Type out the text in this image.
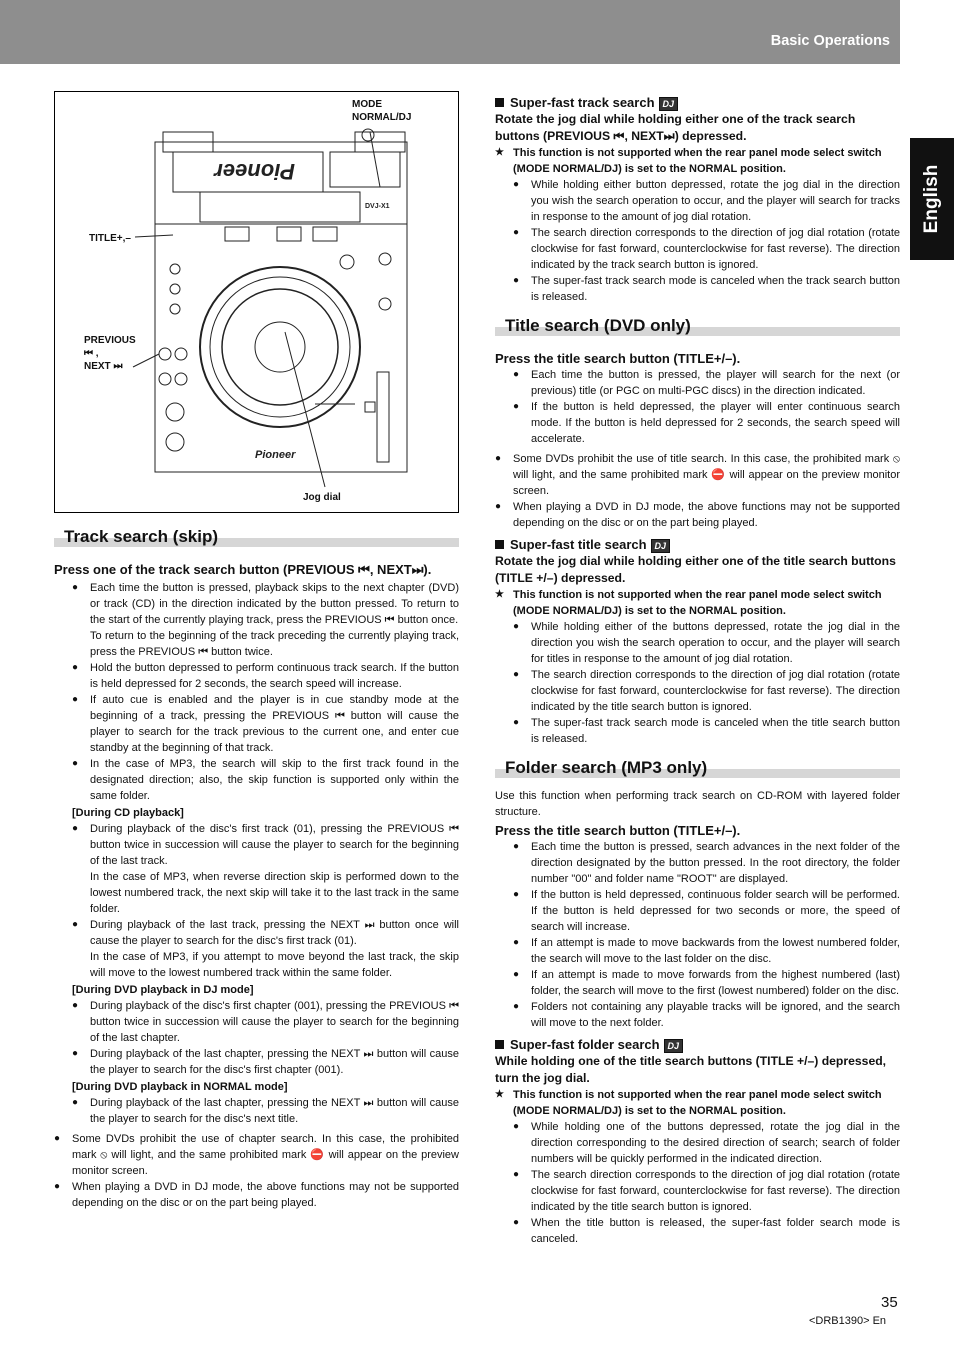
Basic Operations
English
Pioneer
Pioneer
DVJ-X1
MODE NORMAL/DJ
TITLE+,–
PREVIOUS ⏮ ,
NEXT ⏭
Jog dial
Track search (skip)
Press one of the track search button (PREVIOUS ⏮, NEXT⏭).
● Each time the button is pressed, playback skips to the next chapter (DVD) or track (CD) in the direction indicated by the button pressed. To return to the start of the currently playing track, press the PREVIOUS ⏮ button once.
To return to the beginning of the track preceding the currently playing track, press the PREVIOUS ⏮ button twice.
● Hold the button depressed to perform continuous track search. If the button is held depressed for 2 seconds, the search speed will increase.
● If auto cue is enabled and the player is in cue standby mode at the beginning of a track, pressing the PREVIOUS ⏮ button will cause the player to search for the track previous to the current one, and enter cue standby at the beginning of that track.
● In the case of MP3, the search will skip to the first track found in the designated direction; also, the skip function is supported only within the same folder.
[During CD playback]
● During playback of the disc's first track (01), pressing the PREVIOUS ⏮ button twice in succession will cause the player to search for the beginning of the last track.
In the case of MP3, when reverse direction skip is performed down to the lowest numbered track, the next skip will take it to the last track in the same folder.
● During playback of the last track, pressing the NEXT ⏭ button once will cause the player to search for the disc's first track (01).
In the case of MP3, if you attempt to move beyond the last track, the skip will move to the lowest numbered track within the same folder.
[During DVD playback in DJ mode]
● During playback of the disc's first chapter (001), pressing the PREVIOUS ⏮ button twice in succession will cause the player to search for the beginning of the last chapter.
● During playback of the last chapter, pressing the NEXT ⏭ button will cause the player to search for the disc's first chapter (001).
[During DVD playback in NORMAL mode]
● During playback of the last chapter, pressing the NEXT ⏭ button will cause the player to search for the disc's next title.
● Some DVDs prohibit the use of chapter search. In this case, the prohibited mark ⦸ will light, and the same prohibited mark ⛔ will appear on the preview monitor screen.
● When playing a DVD in DJ mode, the above functions may not be supported depending on the disc or on the part being played.
Super-fast track search DJ
Rotate the jog dial while holding either one of the track search buttons (PREVIOUS ⏮, NEXT⏭) depressed.
★ This function is not supported when the rear panel mode select switch (MODE NORMAL/DJ) is set to the NORMAL position.
● While holding either button depressed, rotate the jog dial in the direction you wish the search operation to occur, and the player will search for tracks in response to the amount of jog dial rotation.
● The search direction corresponds to the direction of jog dial rotation (rotate clockwise for fast forward, counterclockwise for fast reverse). The direction indicated by the track search button is ignored.
● The super-fast track search mode is canceled when the track search button is released.
Title search (DVD only)
Press the title search button (TITLE+/–).
● Each time the button is pressed, the player will search for the next (or previous) title (or PGC on multi-PGC discs) in the direction indicated.
● If the button is held depressed, the player will enter continuous search mode. If the button is held depressed for 2 seconds, the search speed will accelerate.
● Some DVDs prohibit the use of title search. In this case, the prohibited mark ⦸ will light, and the same prohibited mark ⛔ will appear on the preview monitor screen.
● When playing a DVD in DJ mode, the above functions may not be supported depending on the disc or on the part being played.
Super-fast title search DJ
Rotate the jog dial while holding either one of the title search buttons (TITLE +/–) depressed.
★ This function is not supported when the rear panel mode select switch (MODE NORMAL/DJ) is set to the NORMAL position.
● While holding either of the buttons depressed, rotate the jog dial in the direction you wish the search operation to occur, and the player will search for titles in response to the amount of jog dial rotation.
● The search direction corresponds to the direction of jog dial rotation (rotate clockwise for fast forward, counterclockwise for fast reverse). The direction indicated by the title search button is ignored.
● The super-fast track search mode is canceled when the title search button is released.
Folder search (MP3 only)
Use this function when performing track search on CD-ROM with layered folder structure.
Press the title search button (TITLE+/–).
● Each time the button is pressed, search advances in the next folder of the direction designated by the button pressed. In the root directory, the folder number "00" and folder name "ROOT" are displayed.
● If the button is held depressed, continuous folder search will be performed. If the button is held depressed for two seconds or more, the speed of search will increase.
● If an attempt is made to move backwards from the lowest numbered folder, the search will move to the last folder on the disc.
● If an attempt is made to move forwards from the highest numbered (last) folder, the search will move to the first (lowest numbered) folder on the disc.
● Folders not containing any playable tracks will be ignored, and the search will move to the next folder.
Super-fast folder search DJ
While holding one of the title search buttons (TITLE +/–) depressed, turn the jog dial.
★ This function is not supported when the rear panel mode select switch (MODE NORMAL/DJ) is set to the NORMAL position.
● While holding one of the buttons depressed, rotate the jog dial in the direction corresponding to the desired direction of search; search of folder numbers will be quickly performed in the indicated direction.
● The search direction corresponds to the direction of jog dial rotation (rotate clockwise for fast forward, counterclockwise for fast reverse). The direction indicated by the title search button is ignored.
● When the title button is released, the super-fast folder search mode is canceled.
35
<DRB1390> En
